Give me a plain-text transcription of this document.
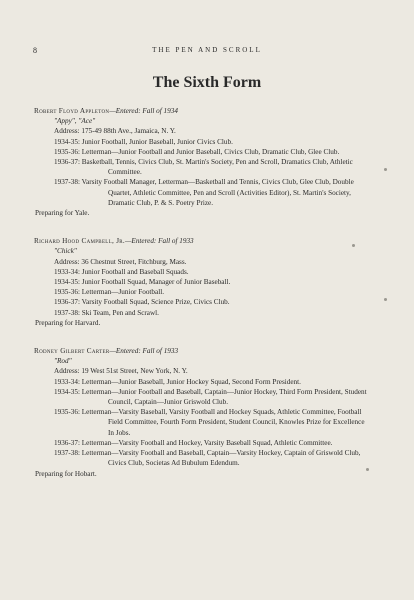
8	THE PEN AND SCROLL
The Sixth Form
Robert Floyd Appleton—Entered: Fall of 1934
"Appy", "Ace"
Address: 175-49 88th Ave., Jamaica, N. Y.
1934-35: Junior Football, Junior Baseball, Junior Civics Club.
1935-36: Letterman—Junior Football and Junior Baseball, Civics Club, Dramatic Club, Glee Club.
1936-37: Basketball, Tennis, Civics Club, St. Martin's Society, Pen and Scroll, Dramatics Club, Athletic Committee.
1937-38: Varsity Football Manager, Letterman—Basketball and Tennis, Civics Club, Glee Club, Double Quartet, Athletic Committee, Pen and Scroll (Activities Editor), St. Martin's Society, Dramatic Club, P. & S. Poetry Prize.
Preparing for Yale.
Richard Hood Campbell, Jr.—Entered: Fall of 1933
"Chick"
Address: 36 Chestnut Street, Fitchburg, Mass.
1933-34: Junior Football and Baseball Squads.
1934-35: Junior Football Squad, Manager of Junior Baseball.
1935-36: Letterman—Junior Football.
1936-37: Varsity Football Squad, Science Prize, Civics Club.
1937-38: Ski Team, Pen and Scrawl.
Preparing for Harvard.
Rodney Gilbert Carter—Entered: Fall of 1933
"Rod"
Address: 19 West 51st Street, New York, N. Y.
1933-34: Letterman—Junior Baseball, Junior Hockey Squad, Second Form President.
1934-35: Letterman—Junior Football and Baseball, Captain—Junior Hockey, Third Form President, Student Council, Captain—Junior Griswold Club.
1935-36: Letterman—Varsity Baseball, Varsity Football and Hockey Squads, Athletic Committee, Football Field Committee, Fourth Form President, Student Council, Knowles Prize for Excellence In Jobs.
1936-37: Letterman—Varsity Football and Hockey, Varsity Baseball Squad, Athletic Committee.
1937-38: Letterman—Varsity Football and Baseball, Captain—Varsity Hockey, Captain of Griswold Club, Civics Club, Societas Ad Bubulum Edendum.
Preparing for Hobart.
